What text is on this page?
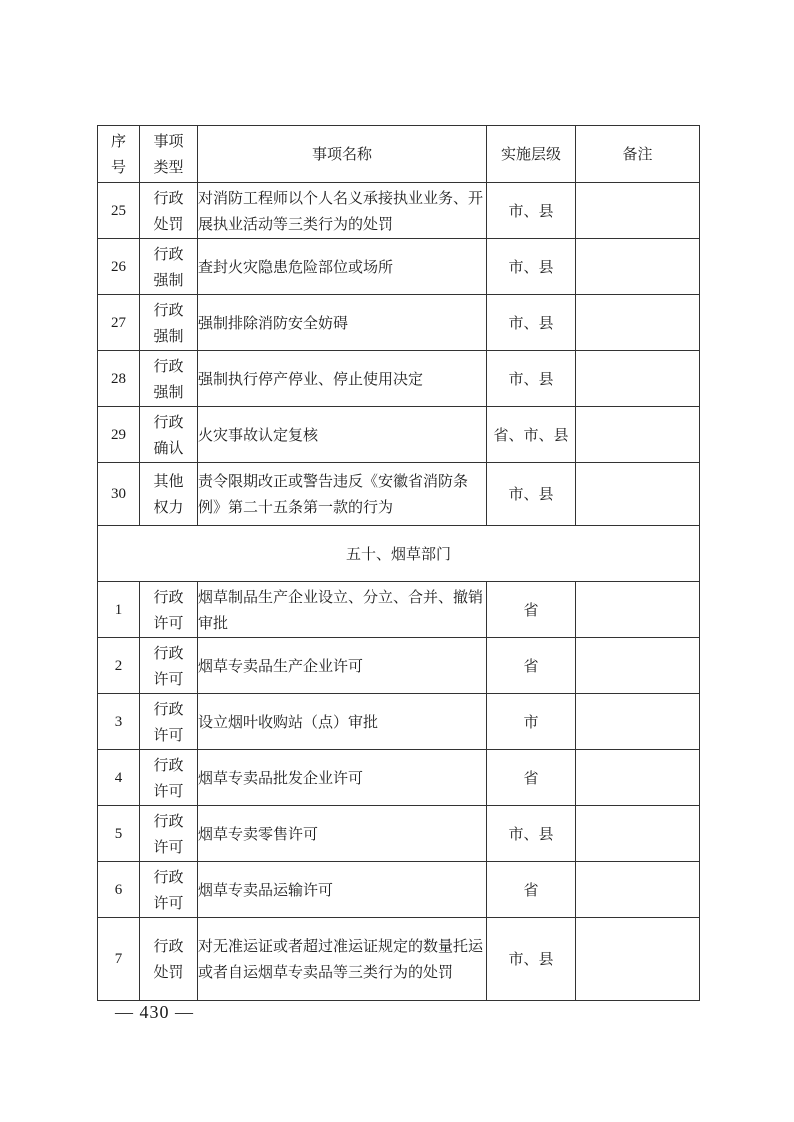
序号	事项类型	事项名称	实施层级	备注
25	行政处罚	对消防工程师以个人名义承接执业业务、开展执业活动等三类行为的处罚	市、县	
26	行政强制	查封火灾隐患危险部位或场所	市、县	
27	行政强制	强制排除消防安全妨碍	市、县	
28	行政强制	强制执行停产停业、停止使用决定	市、县	
29	行政确认	火灾事故认定复核	省、市、县	
30	其他权力	责令限期改正或警告违反《安徽省消防条例》第二十五条第一款的行为	市、县	
五十、烟草部门				
1	行政许可	烟草制品生产企业设立、分立、合并、撤销审批	省	
2	行政许可	烟草专卖品生产企业许可	省	
3	行政许可	设立烟叶收购站（点）审批	市	
4	行政许可	烟草专卖品批发企业许可	省	
5	行政许可	烟草专卖零售许可	市、县	
6	行政许可	烟草专卖品运输许可	省	
7	行政处罚	对无准运证或者超过准运证规定的数量托运或者自运烟草专卖品等三类行为的处罚	市、县	
— 430 —
